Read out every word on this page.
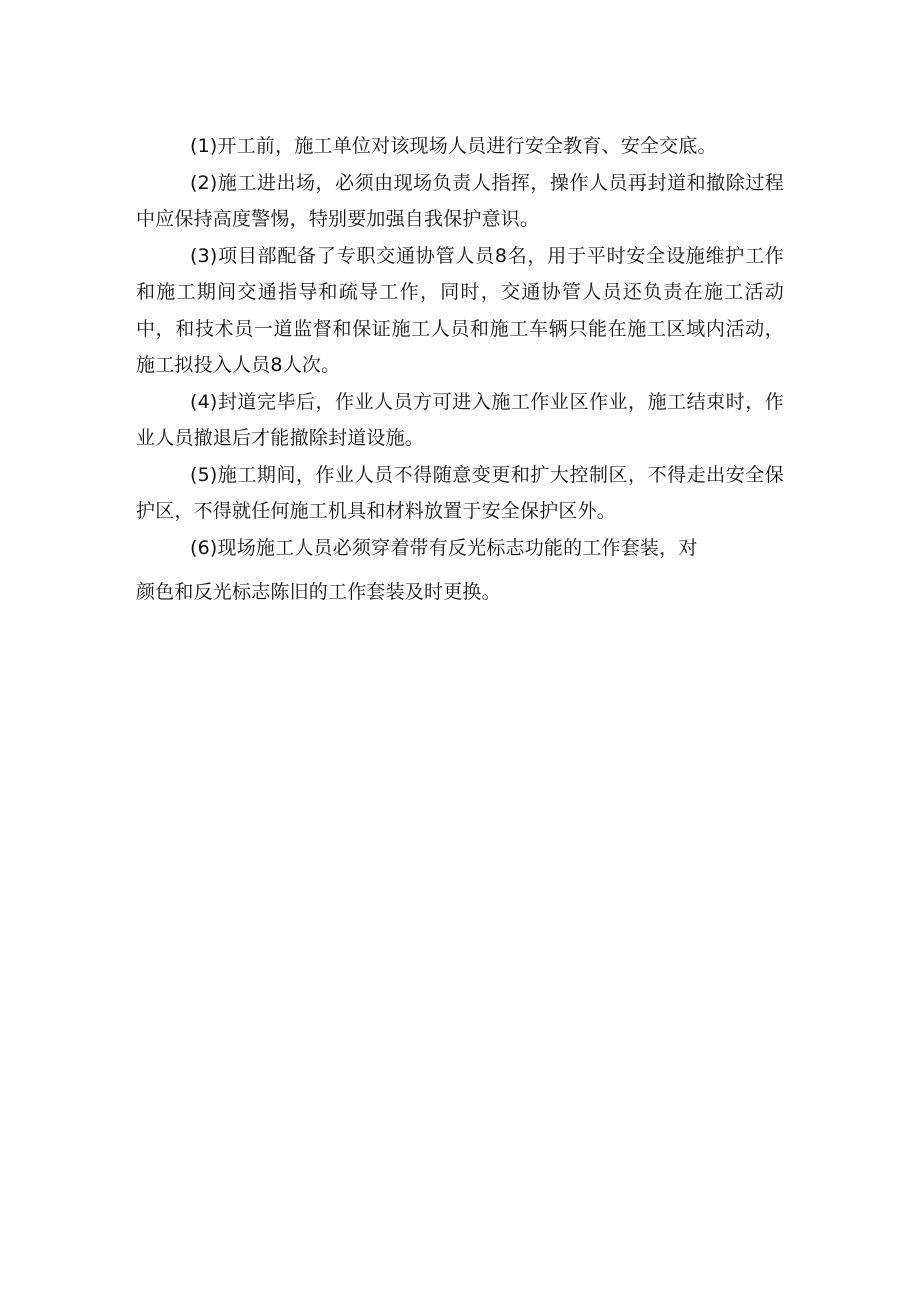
(1)开工前，施工单位对该现场人员进行安全教育、安全交底。

(2)施工进出场，必须由现场负责人指挥，操作人员再封道和撤除过程中应保持高度警惕，特别要加强自我保护意识。

(3)项目部配备了专职交通协管人员8名，用于平时安全设施维护工作和施工期间交通指导和疏导工作，同时，交通协管人员还负责在施工活动中，和技术员一道监督和保证施工人员和施工车辆只能在施工区域内活动，施工拟投入人员8人次。

(4)封道完毕后，作业人员方可进入施工作业区作业，施工结束时，作业人员撤退后才能撤除封道设施。

(5)施工期间，作业人员不得随意变更和扩大控制区，不得走出安全保护区，不得就任何施工机具和材料放置于安全保护区外。

(6)现场施工人员必须穿着带有反光标志功能的工作套装，对
颜色和反光标志陈旧的工作套装及时更换。
